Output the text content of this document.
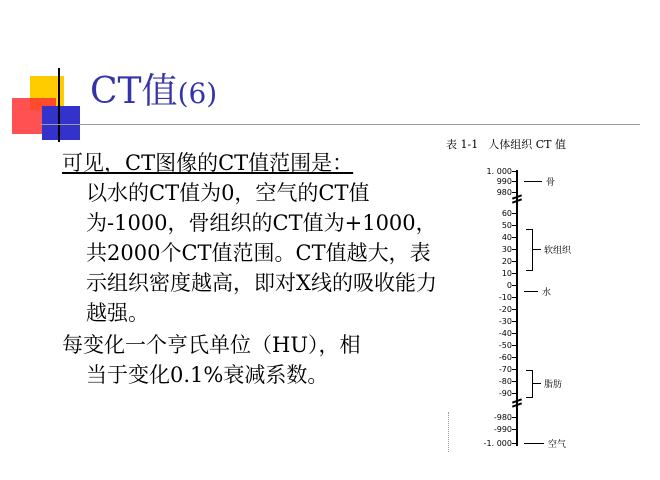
CT值(6)
可见，CT图像的CT值范围是：
以水的CT值为0，空气的CT值为-1000，骨组织的CT值为+1000，共2000个CT值范围。CT值越大，表示组织密度越高，即对X线的吸收能力越强。
每变化一个亨氏单位（HU），相
当于变化0.1%衰减系数。
表 1-1 人体组织 CT 值
1. 000
990
980
60
50
40
30
20
10
0
-10
-20
-30
-40
-50
-60
-70
-80
-90
-980
-990
-1. 000
骨
软组织
水
脂肪
空气
